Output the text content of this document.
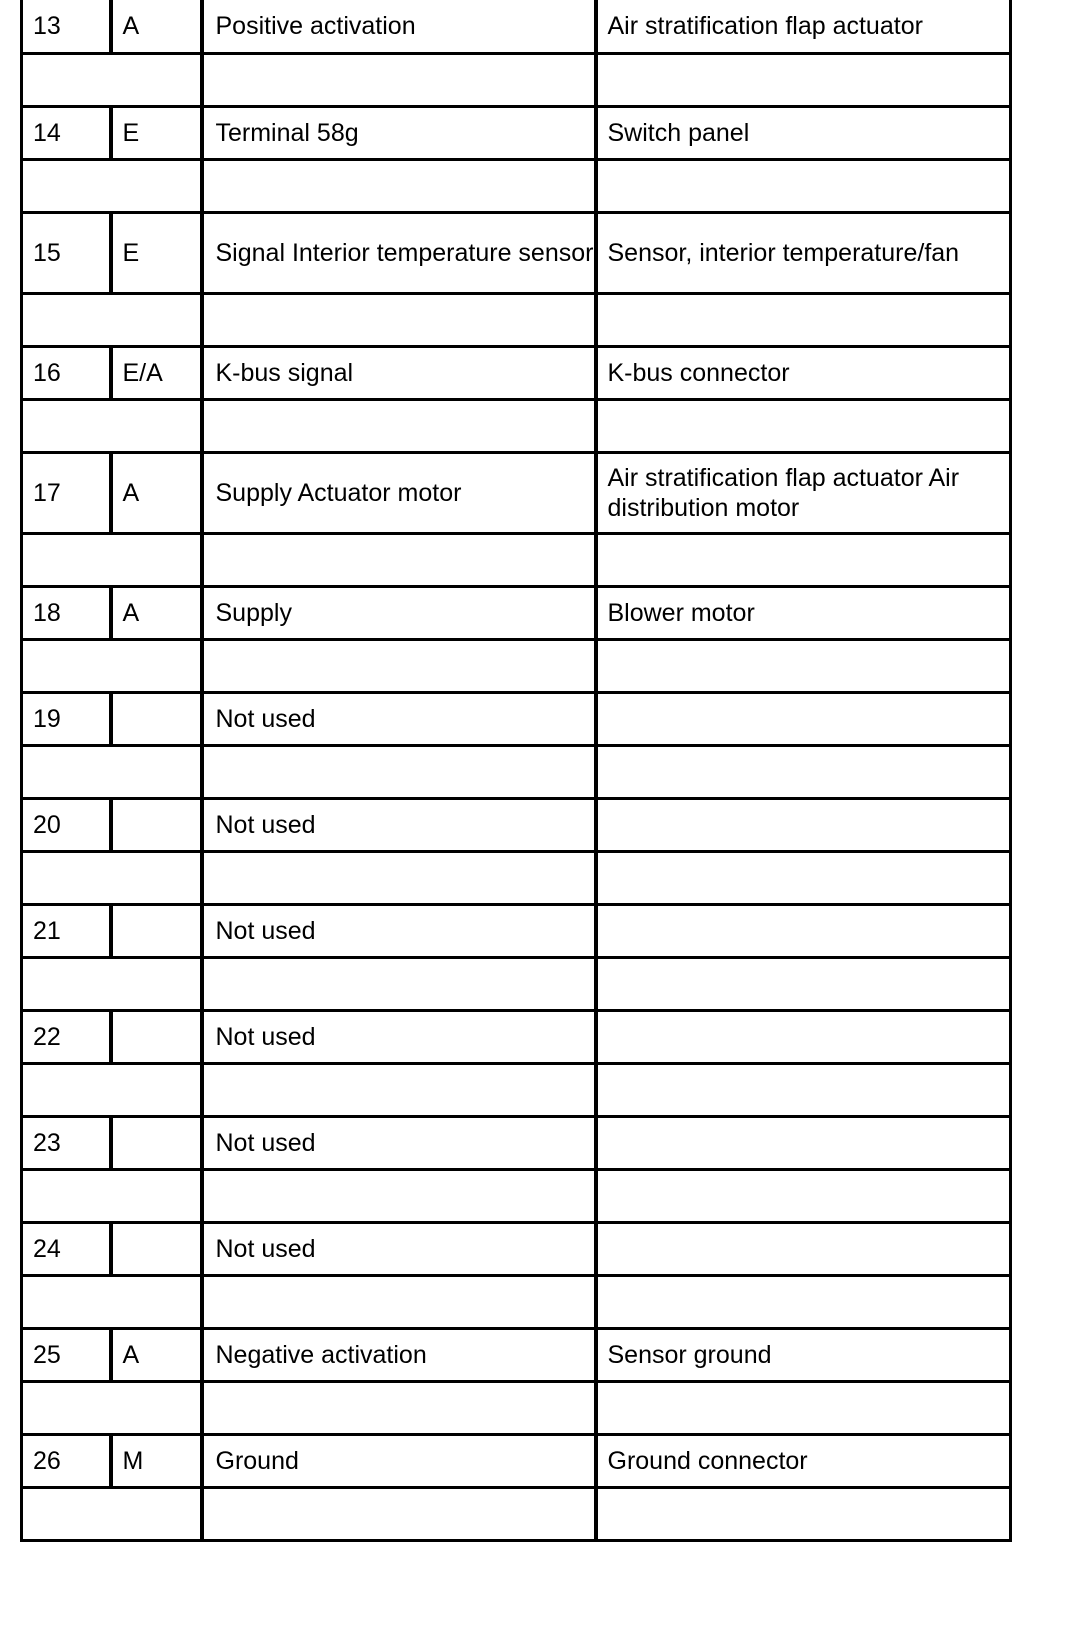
13	A	Positive activation	Air stratification flap actuator

14	E	Terminal 58g	Switch panel

15	E	Signal Interior temperature sensor	Sensor, interior temperature/fan

16	E/A	K-bus signal	K-bus connector

17	A	Supply Actuator motor	Air stratification flap actuator Air distribution motor

18	A	Supply	Blower motor

19		Not used	

20		Not used	

21		Not used	

22		Not used	

23		Not used	

24		Not used	

25	A	Negative activation	Sensor ground

26	M	Ground	Ground connector
